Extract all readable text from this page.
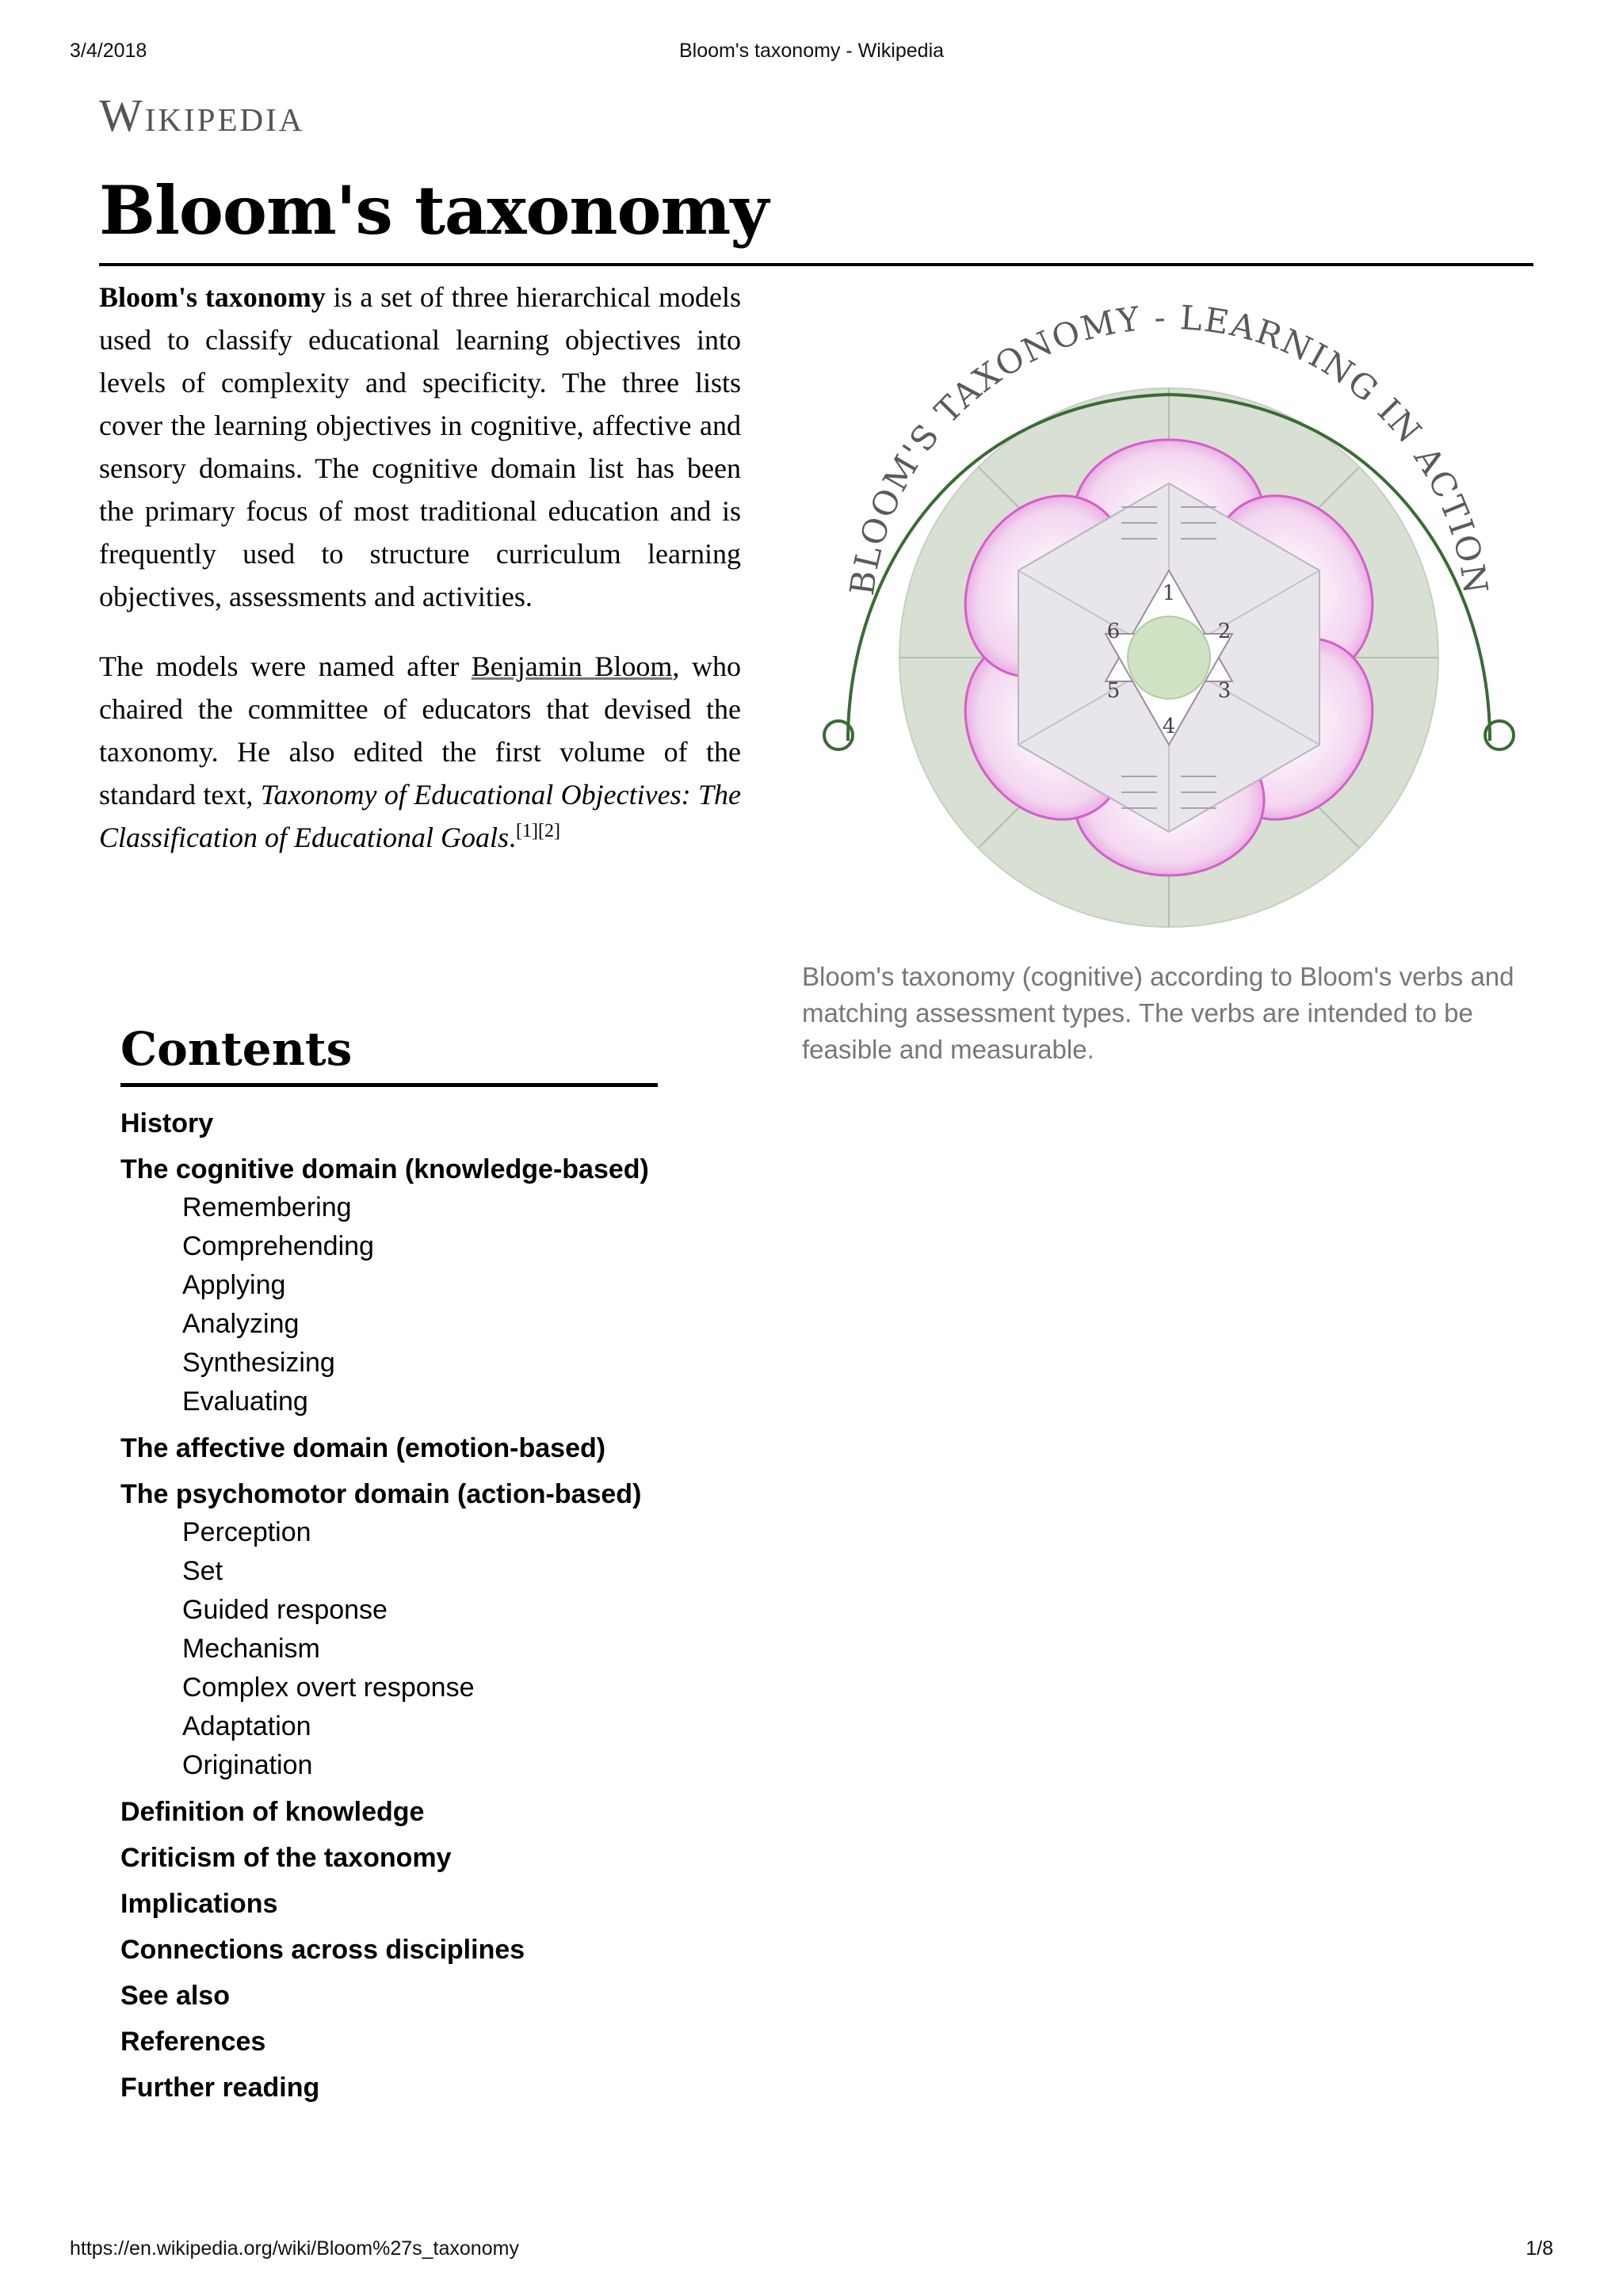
3/4/2018	Bloom's taxonomy - Wikipedia
Wikipedia
Bloom's taxonomy

Bloom's taxonomy is a set of three hierarchical models used to classify educational learning objectives into levels of complexity and specificity. The three lists cover the learning objectives in cognitive, affective and sensory domains. The cognitive domain list has been the primary focus of most traditional education and is frequently used to structure curriculum learning objectives, assessments and activities.

The models were named after Benjamin Bloom, who chaired the committee of educators that devised the taxonomy. He also edited the first volume of the standard text, Taxonomy of Educational Objectives: The Classification of Educational Goals.[1][2]

1
2
3
4
5
6
BLOOM'S TAXONOMY - LEARNING IN ACTION
Bloom's taxonomy (cognitive) according to Bloom's verbs and matching assessment types. The verbs are intended to be feasible and measurable.
Contents
History
The cognitive domain (knowledge-based)
Remembering
Comprehending
Applying
Analyzing
Synthesizing
Evaluating
The affective domain (emotion-based)
The psychomotor domain (action-based)
Perception
Set
Guided response
Mechanism
Complex overt response
Adaptation
Origination
Definition of knowledge
Criticism of the taxonomy
Implications
Connections across disciplines
See also
References
Further reading
https://en.wikipedia.org/wiki/Bloom%27s_taxonomy	1/8
